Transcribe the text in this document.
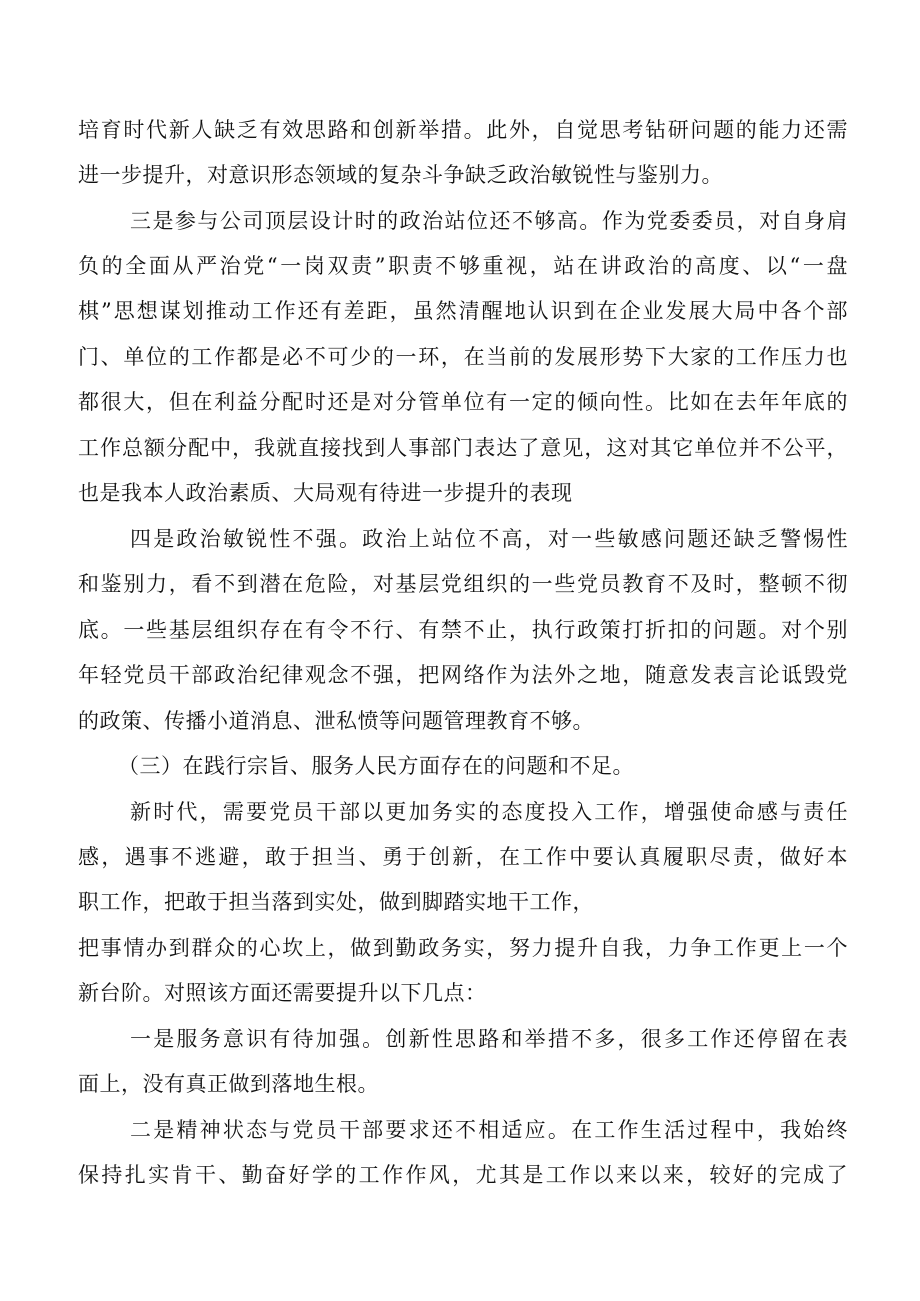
培育时代新人缺乏有效思路和创新举措。此外，自觉思考钻研问题的能力还需
进一步提升，对意识形态领域的复杂斗争缺乏政治敏锐性与鉴别力。
三是参与公司顶层设计时的政治站位还不够高。作为党委委员，对自身肩
负的全面从严治党“一岗双责”职责不够重视，站在讲政治的高度、以“一盘
棋”思想谋划推动工作还有差距，虽然清醒地认识到在企业发展大局中各个部
门、单位的工作都是必不可少的一环，在当前的发展形势下大家的工作压力也
都很大，但在利益分配时还是对分管单位有一定的倾向性。比如在去年年底的
工作总额分配中，我就直接找到人事部门表达了意见，这对其它单位并不公平，
也是我本人政治素质、大局观有待进一步提升的表现
四是政治敏锐性不强。政治上站位不高，对一些敏感问题还缺乏警惕性
和鉴别力，看不到潜在危险，对基层党组织的一些党员教育不及时，整顿不彻
底。一些基层组织存在有令不行、有禁不止，执行政策打折扣的问题。对个别
年轻党员干部政治纪律观念不强，把网络作为法外之地，随意发表言论诋毁党
的政策、传播小道消息、泄私愤等问题管理教育不够。
（三）在践行宗旨、服务人民方面存在的问题和不足。
新时代，需要党员干部以更加务实的态度投入工作，增强使命感与责任
感，遇事不逃避，敢于担当、勇于创新，在工作中要认真履职尽责，做好本
职工作，把敢于担当落到实处，做到脚踏实地干工作，
把事情办到群众的心坎上，做到勤政务实，努力提升自我，力争工作更上一个
新台阶。对照该方面还需要提升以下几点：
一是服务意识有待加强。创新性思路和举措不多，很多工作还停留在表
面上，没有真正做到落地生根。
二是精神状态与党员干部要求还不相适应。在工作生活过程中，我始终
保持扎实肯干、勤奋好学的工作作风，尤其是工作以来以来，较好的完成了
